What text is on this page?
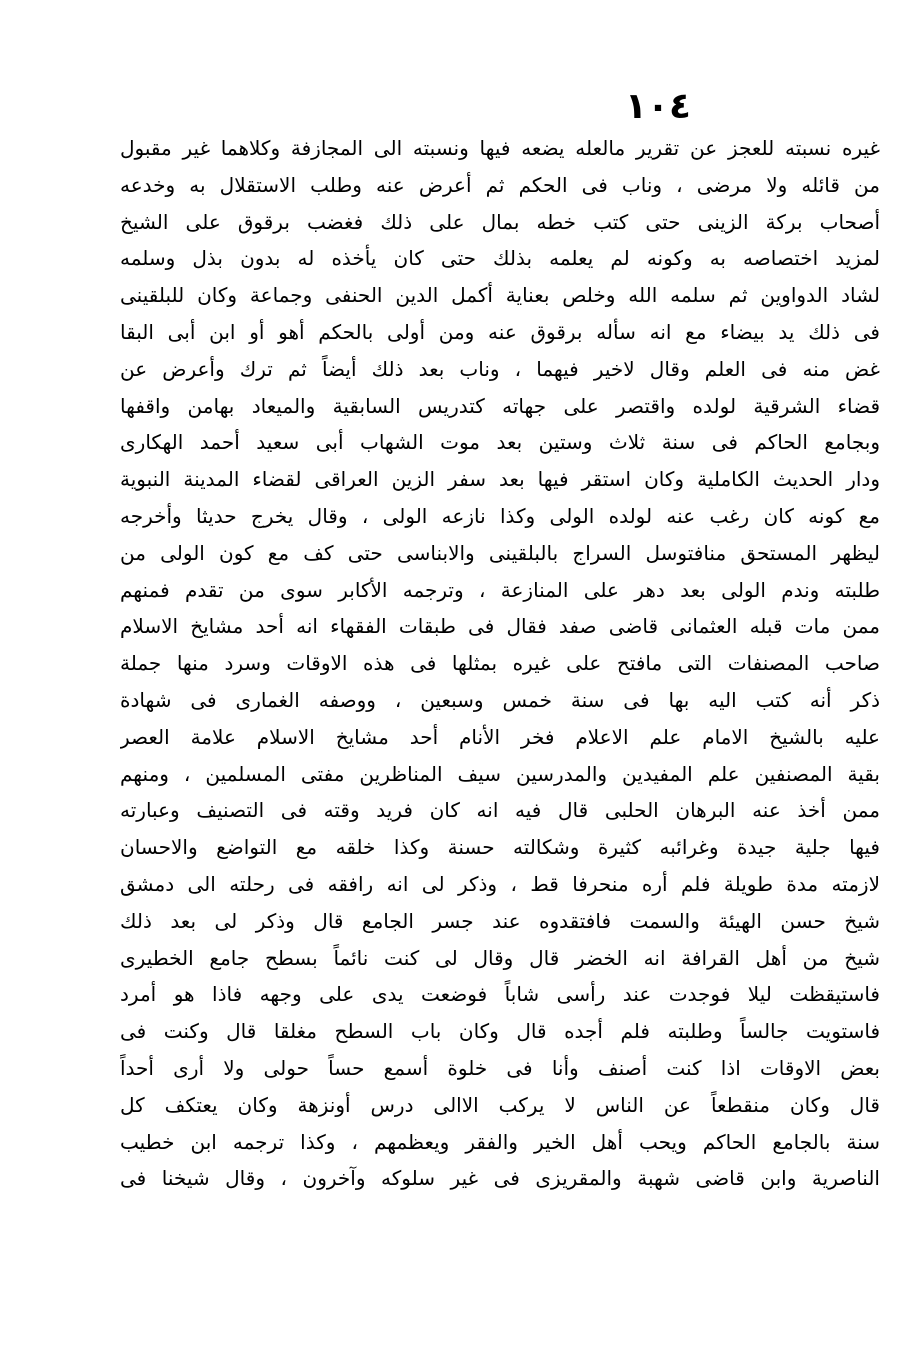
١٠٤
غيره نسبته للعجز عن تقرير مالعله يضعه فيها ونسبته الى المجازفة وكلاهما غير مقبول
من قائله ولا مرضى ، وناب فى الحكم ثم أعرض عنه وطلب الاستقلال به وخدعه
أصحاب بركة الزينى حتى كتب خطه بمال على ذلك فغضب برقوق على الشيخ
لمزيد اختصاصه به وكونه لم يعلمه بذلك حتى كان يأخذه له بدون بذل وسلمه
لشاد الدواوين ثم سلمه الله وخلص بعناية أكمل الدين الحنفى وجماعة وكان للبلقينى
فى ذلك يد بيضاء مع انه سأله برقوق عنه ومن أولى بالحكم أهو أو ابن أبى البقا
غض منه فى العلم وقال لاخير فيهما ، وناب بعد ذلك أيضاً ثم ترك وأعرض عن
قضاء الشرقية لولده واقتصر على جهاته كتدريس السابقية والميعاد بهامن واقفها
وبجامع الحاكم فى سنة ثلاث وستين بعد موت الشهاب أبى سعيد أحمد الهكارى
ودار الحديث الكاملية وكان استقر فيها بعد سفر الزين العراقى لقضاء المدينة النبوية
مع كونه كان رغب عنه لولده الولى وكذا نازعه الولى ، وقال يخرج حديثا وأخرجه
ليظهر المستحق منافتوسل السراج بالبلقينى والابناسى حتى كف مع كون الولى من
طلبته وندم الولى بعد دهر على المنازعة ، وترجمه الأكابر سوى من تقدم فمنهم
ممن مات قبله العثمانى قاضى صفد فقال فى طبقات الفقهاء انه أحد مشايخ الاسلام
صاحب المصنفات التى مافتح على غيره بمثلها فى هذه الاوقات وسرد منها جملة
ذكر أنه كتب اليه بها فى سنة خمس وسبعين ، ووصفه الغمارى فى شهادة
عليه بالشيخ الامام علم الاعلام فخر الأنام أحد مشايخ الاسلام علامة العصر
بقية المصنفين علم المفيدين والمدرسين سيف المناظرين مفتى المسلمين ، ومنهم
ممن أخذ عنه البرهان الحلبى قال فيه انه كان فريد وقته فى التصنيف وعبارته
فيها جلية جيدة وغرائبه كثيرة وشكالته حسنة وكذا خلقه مع التواضع والاحسان
لازمته مدة طويلة فلم أره منحرفا قط ، وذكر لى انه رافقه فى رحلته الى دمشق
شيخ حسن الهيئة والسمت فافتقدوه عند جسر الجامع قال وذكر لى بعد ذلك
شيخ من أهل القرافة انه الخضر قال وقال لى كنت نائماً بسطح جامع الخطيرى
فاستيقظت ليلا فوجدت عند رأسى شاباً فوضعت يدى على وجهه فاذا هو أمرد
فاستويت جالساً وطلبته فلم أجده قال وكان باب السطح مغلقا قال وكنت فى
بعض الاوقات اذا كنت أصنف وأنا فى خلوة أسمع حساً حولى ولا أرى أحداً
قال وكان منقطعاً عن الناس لا يركب الاالى درس أونزهة وكان يعتكف كل
سنة بالجامع الحاكم ويحب أهل الخير والفقر ويعظمهم ، وكذا ترجمه ابن خطيب
الناصرية وابن قاضى شهبة والمقريزى فى غير سلوكه وآخرون ، وقال شيخنا فى
